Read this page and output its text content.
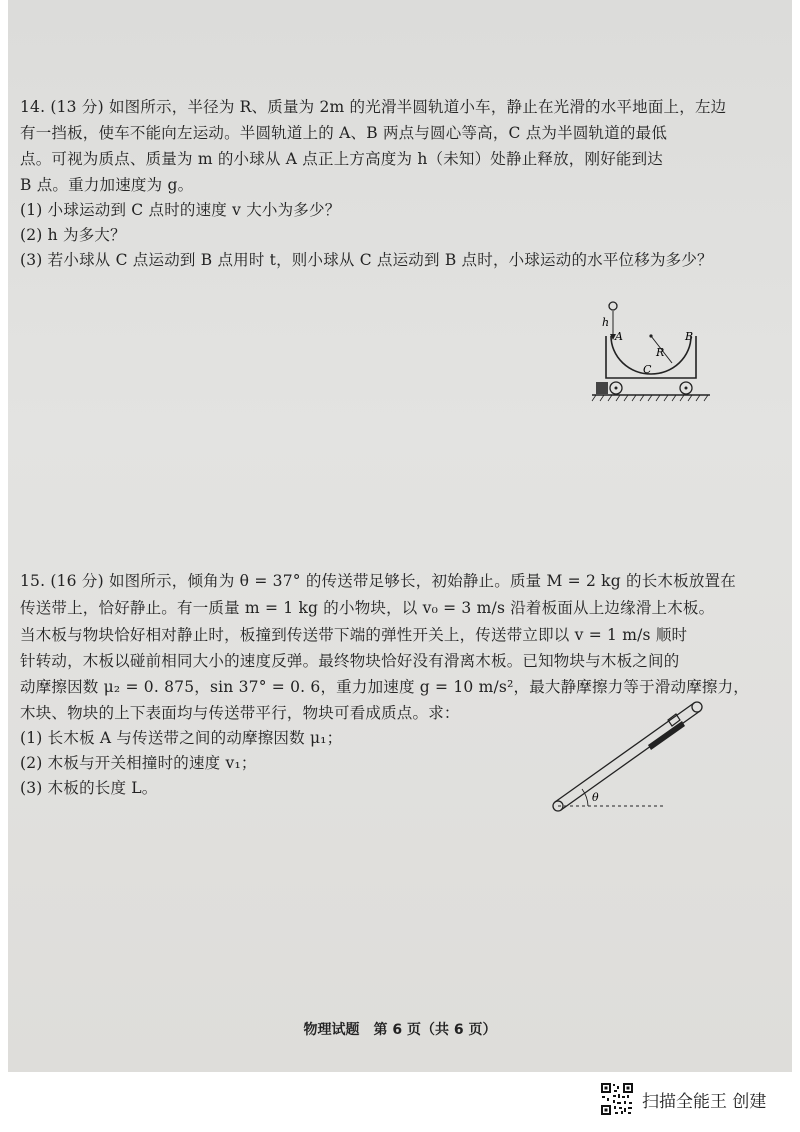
14. (13 分) 如图所示，半径为 R、质量为 2m 的光滑半圆轨道小车，静止在光滑的水平地面上，左边
有一挡板，使车不能向左运动。半圆轨道上的 A、B 两点与圆心等高，C 点为半圆轨道的最低
点。可视为质点、质量为 m 的小球从 A 点正上方高度为 h（未知）处静止释放，刚好能到达
B 点。重力加速度为 g。
(1) 小球运动到 C 点时的速度 v 大小为多少？
(2) h 为多大？
(3) 若小球从 C 点运动到 B 点用时 t，则小球从 C 点运动到 B 点时，小球运动的水平位移为多少？
h
A	B
R
C
15. (16 分) 如图所示，倾角为 θ = 37° 的传送带足够长，初始静止。质量 M = 2 kg 的长木板放置在
传送带上，恰好静止。有一质量 m = 1 kg 的小物块，以 v₀ = 3 m/s 沿着板面从上边缘滑上木板。
当木板与物块恰好相对静止时，板撞到传送带下端的弹性开关上，传送带立即以 v = 1 m/s 顺时
针转动，木板以碰前相同大小的速度反弹。最终物块恰好没有滑离木板。已知物块与木板之间的
动摩擦因数 μ₂ = 0. 875，sin 37° = 0. 6，重力加速度 g = 10 m/s²，最大静摩擦力等于滑动摩擦力，
木块、物块的上下表面均与传送带平行，物块可看成质点。求：
(1) 长木板 A 与传送带之间的动摩擦因数 μ₁；
(2) 木板与开关相撞时的速度 v₁；
(3) 木板的长度 L。
θ
物理试题　第 6 页（共 6 页）
扫描全能王 创建
